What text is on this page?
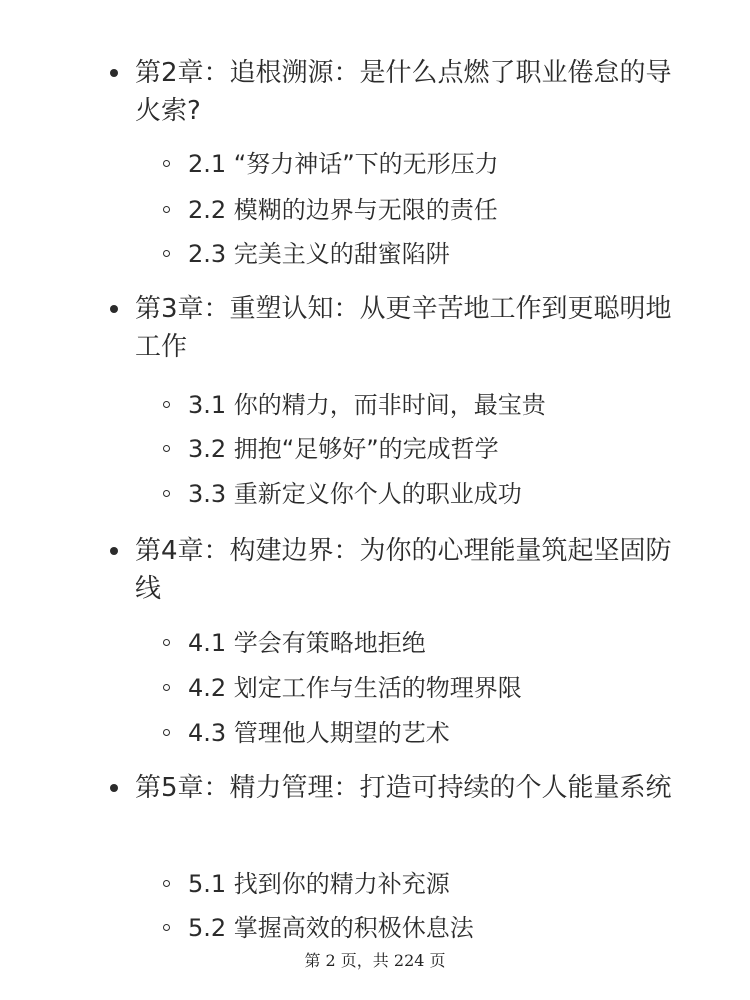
第2章：追根溯源：是什么点燃了职业倦怠的导火索?
2.1 “努力神话”下的无形压力
2.2 模糊的边界与无限的责任
2.3 完美主义的甜蜜陷阱
第3章：重塑认知：从更辛苦地工作到更聪明地工作
3.1 你的精力，而非时间，最宝贵
3.2 拥抱“足够好”的完成哲学
3.3 重新定义你个人的职业成功
第4章：构建边界：为你的心理能量筑起坚固防线
4.1 学会有策略地拒绝
4.2 划定工作与生活的物理界限
4.3 管理他人期望的艺术
第5章：精力管理：打造可持续的个人能量系统
5.1 找到你的精力补充源
5.2 掌握高效的积极休息法
第 2 页，共 224 页
